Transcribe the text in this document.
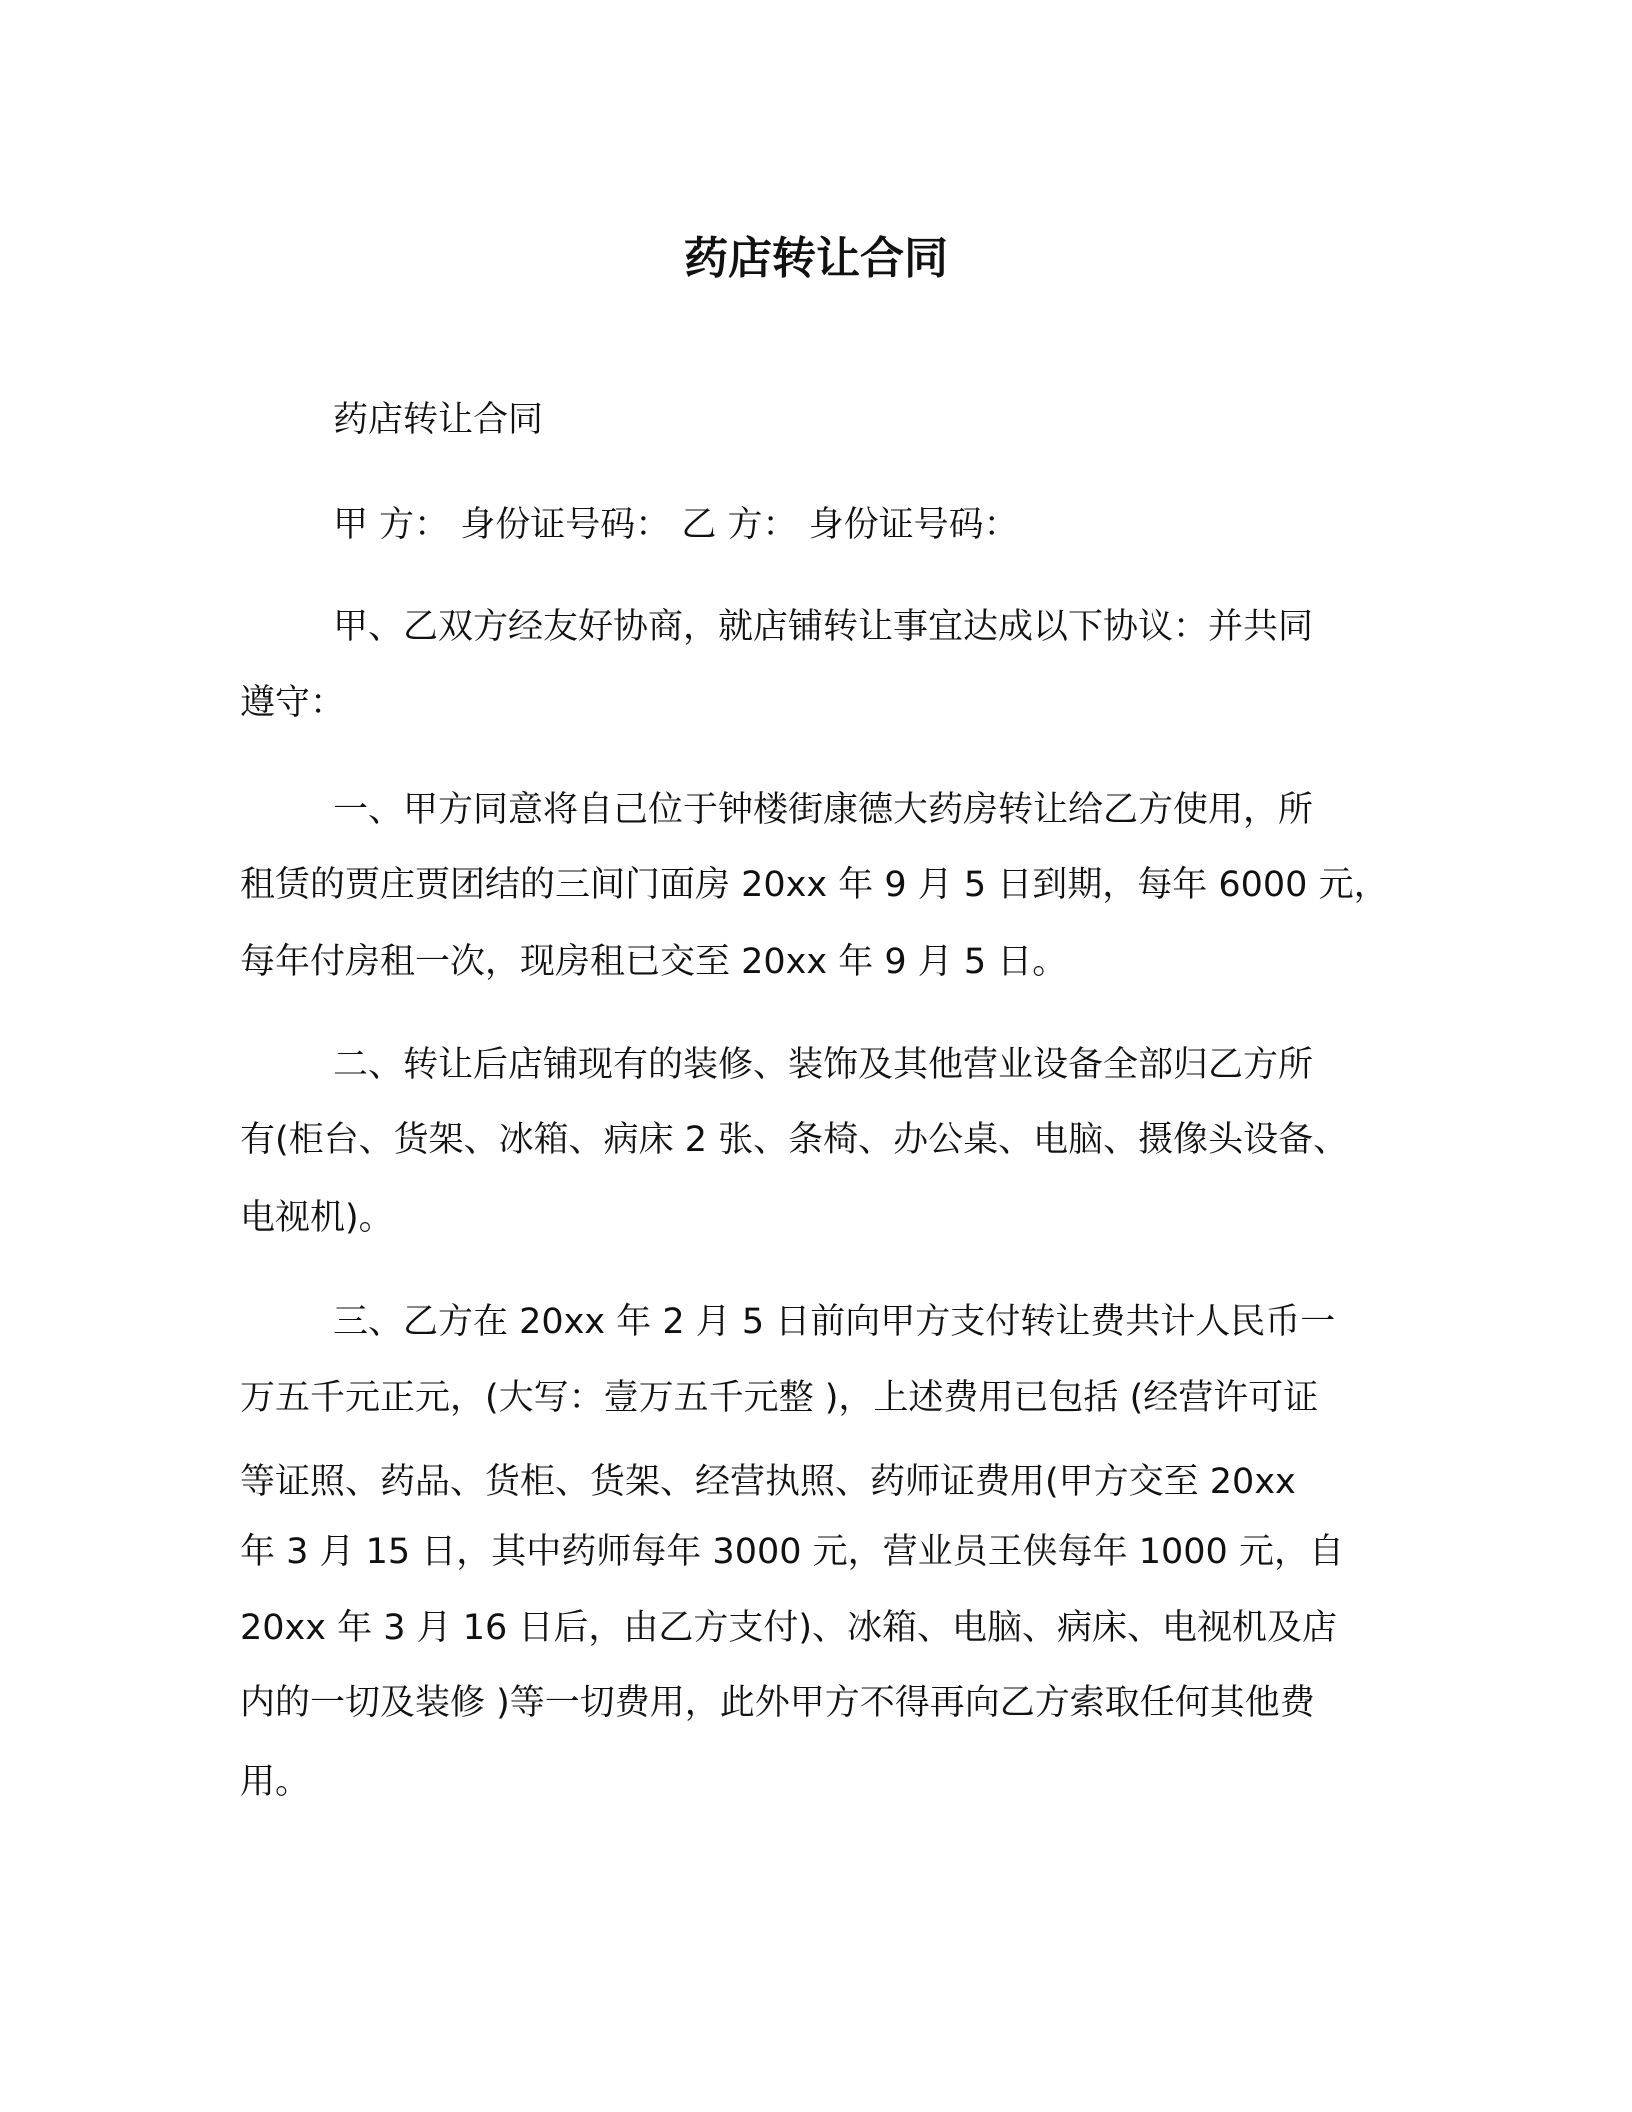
药店转让合同
药店转让合同
甲 方： 身份证号码： 乙 方： 身份证号码：
甲、乙双方经友好协商，就店铺转让事宜达成以下协议：并共同
遵守：
一、甲方同意将自己位于钟楼街康德大药房转让给乙方使用，所
租赁的贾庄贾团结的三间门面房 20xx 年 9 月 5 日到期，每年 6000 元，
每年付房租一次，现房租已交至 20xx 年 9 月 5 日。
二、转让后店铺现有的装修、装饰及其他营业设备全部归乙方所
有(柜台、货架、冰箱、病床 2 张、条椅、办公桌、电脑、摄像头设备、
电视机)。
三、乙方在 20xx 年 2 月 5 日前向甲方支付转让费共计人民币一
万五千元正元，(大写：壹万五千元整 )，上述费用已包括 (经营许可证
等证照、药品、货柜、货架、经营执照、药师证费用(甲方交至 20xx
年 3 月 15 日，其中药师每年 3000 元，营业员王侠每年 1000 元，自
20xx 年 3 月 16 日后，由乙方支付)、冰箱、电脑、病床、电视机及店
内的一切及装修 )等一切费用，此外甲方不得再向乙方索取任何其他费
用。
